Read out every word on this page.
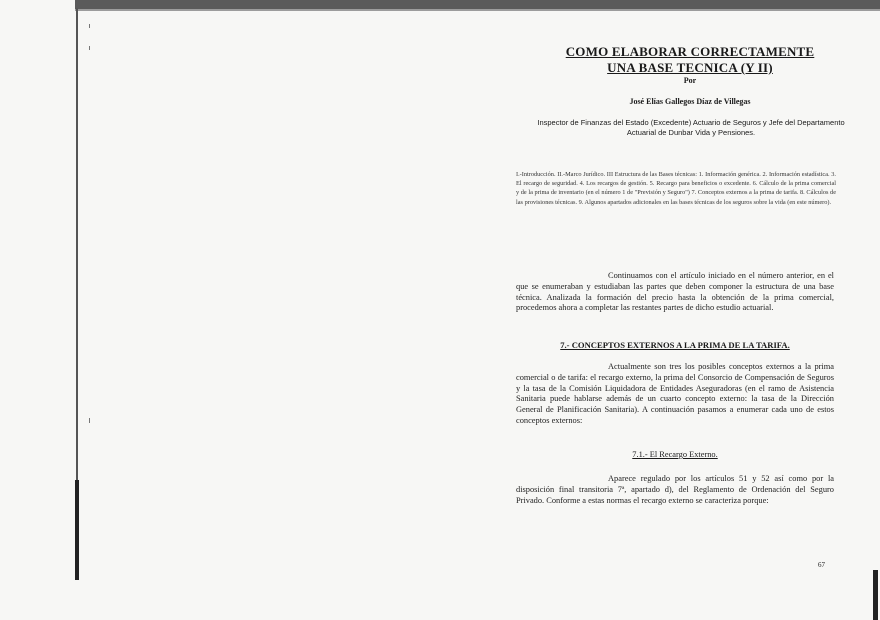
COMO ELABORAR CORRECTAMENTE
UNA BASE TECNICA (Y II)
Por
José Elías Gallegos Díaz de Villegas
Inspector de Finanzas del Estado (Excedente) Actuario de Seguros y Jefe del Departamento Actuarial de Dunbar Vida y Pensiones.
I.-Introducción. II.-Marco Jurídico. III Estructura de las Bases técnicas: 1. Información genérica. 2. Información estadística. 3. El recargo de seguridad. 4. Los recargos de gestión. 5. Recargo para beneficios o excedente. 6. Cálculo de la prima comercial y de la prima de inventario (en el número 1 de "Previsión y Seguro") 7. Conceptos externos a la prima de tarifa. 8. Cálculos de las provisiones técnicas. 9. Algunos apartados adicionales en las bases técnicas de los seguros sobre la vida (en este número).
Continuamos con el artículo iniciado en el número anterior, en el que se enumeraban y estudiaban las partes que deben componer la estructura de una base técnica. Analizada la formación del precio hasta la obtención de la prima comercial, procedemos ahora a completar las restantes partes de dicho estudio actuarial.
7.- CONCEPTOS EXTERNOS A LA PRIMA DE LA TARIFA.
Actualmente son tres los posibles conceptos externos a la prima comercial o de tarifa: el recargo externo, la prima del Consorcio de Compensación de Seguros y la tasa de la Comisión Liquidadora de Entidades Aseguradoras (en el ramo de Asistencia Sanitaria puede hablarse además de un cuarto concepto externo: la tasa de la Dirección General de Planificación Sanitaria). A continuación pasamos a enumerar cada uno de estos conceptos externos:
7.1.- El Recargo Externo.
Aparece regulado por los artículos 51 y 52 así como por la disposición final transitoria 7ª, apartado d), del Reglamento de Ordenación del Seguro Privado. Conforme a estas normas el recargo externo se caracteriza porque:
67
